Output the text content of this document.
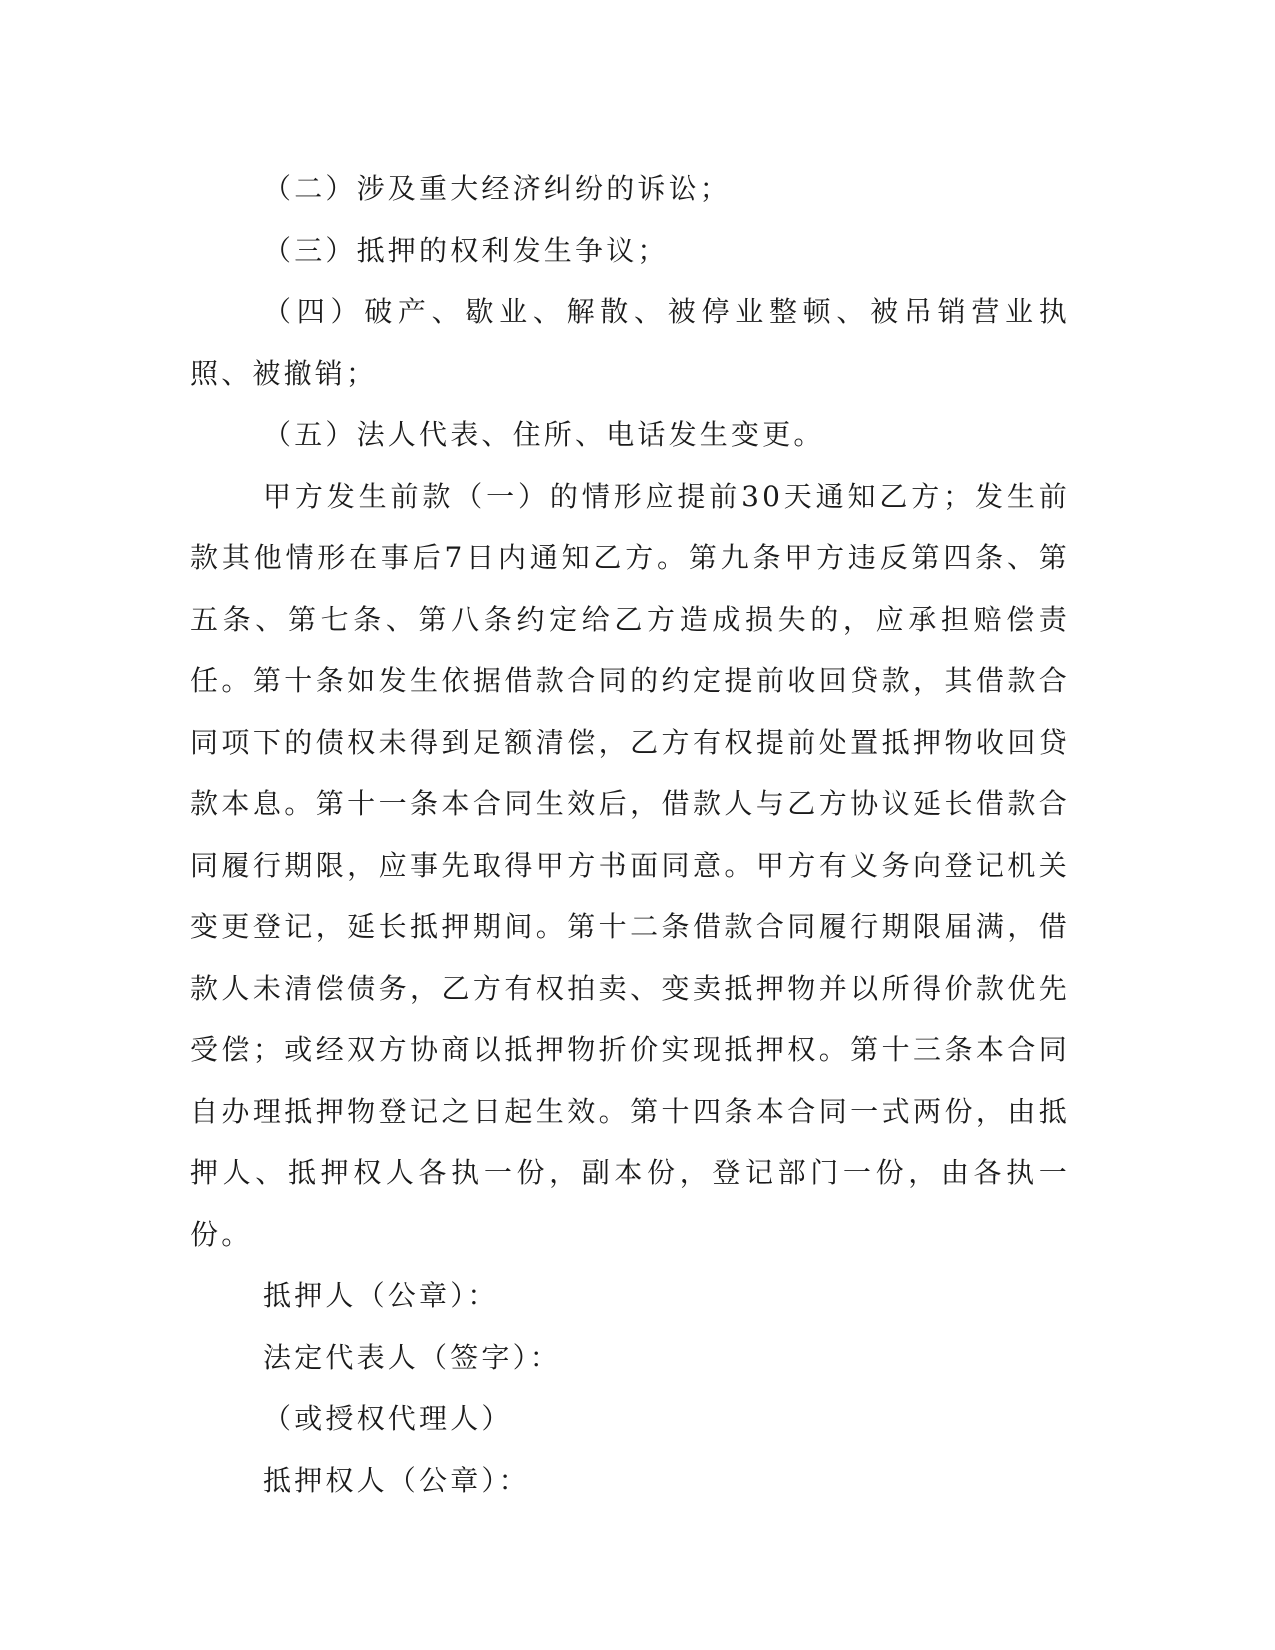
（二）涉及重大经济纠纷的诉讼；

（三）抵押的权利发生争议；

（四）破产、歇业、解散、被停业整顿、被吊销营业执照、被撤销；

（五）法人代表、住所、电话发生变更。

甲方发生前款（一）的情形应提前30天通知乙方；发生前款其他情形在事后7日内通知乙方。第九条甲方违反第四条、第五条、第七条、第八条约定给乙方造成损失的，应承担赔偿责任。第十条如发生依据借款合同的约定提前收回贷款，其借款合同项下的债权未得到足额清偿，乙方有权提前处置抵押物收回贷款本息。第十一条本合同生效后，借款人与乙方协议延长借款合同履行期限，应事先取得甲方书面同意。甲方有义务向登记机关变更登记，延长抵押期间。第十二条借款合同履行期限届满，借款人未清偿债务，乙方有权拍卖、变卖抵押物并以所得价款优先受偿；或经双方协商以抵押物折价实现抵押权。第十三条本合同自办理抵押物登记之日起生效。第十四条本合同一式两份，由抵押人、抵押权人各执一份，副本份，登记部门一份，由各执一份。

抵押人（公章）：

法定代表人（签字）：

（或授权代理人）

抵押权人（公章）：
